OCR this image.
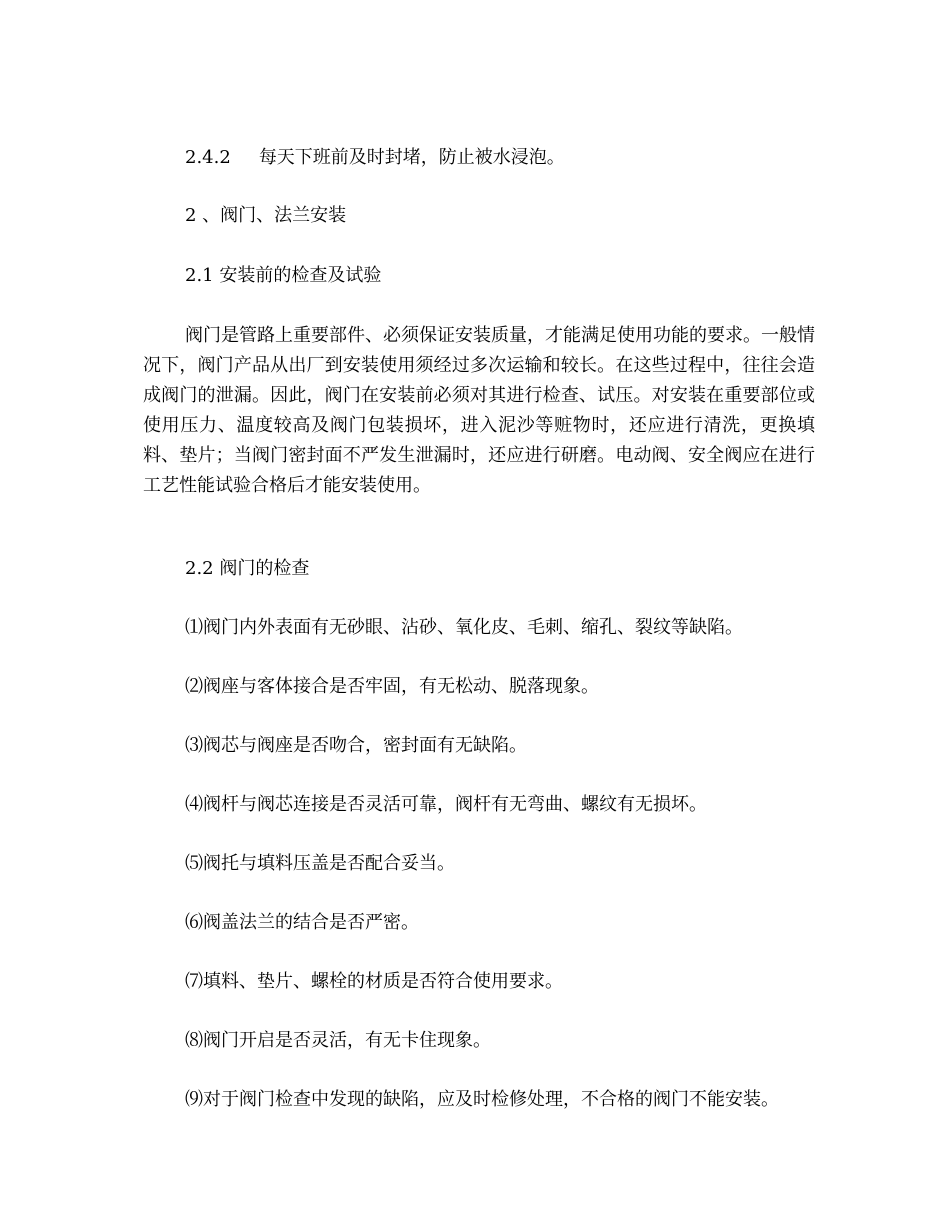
2.4.2 每天下班前及时封堵，防止被水浸泡。
2 、阀门、法兰安装
2.1 安装前的检查及试验

阀门是管路上重要部件、必须保证安装质量，才能满足使用功能的要求。一般情况下，阀门产品从出厂到安装使用须经过多次运输和较长。在这些过程中，往往会造成阀门的泄漏。因此，阀门在安装前必须对其进行检查、试压。对安装在重要部位或使用压力、温度较高及阀门包装损坏，进入泥沙等赃物时，还应进行清洗，更换填料、垫片；当阀门密封面不严发生泄漏时，还应进行研磨。电动阀、安全阀应在进行工艺性能试验合格后才能安装使用。

2.2 阀门的检查
⑴阀门内外表面有无砂眼、沾砂、氧化皮、毛刺、缩孔、裂纹等缺陷。
⑵阀座与客体接合是否牢固，有无松动、脱落现象。
⑶阀芯与阀座是否吻合，密封面有无缺陷。
⑷阀杆与阀芯连接是否灵活可靠，阀杆有无弯曲、螺纹有无损坏。
⑸阀托与填料压盖是否配合妥当。
⑹阀盖法兰的结合是否严密。
⑺填料、垫片、螺栓的材质是否符合使用要求。
⑻阀门开启是否灵活，有无卡住现象。
⑼对于阀门检查中发现的缺陷，应及时检修处理，不合格的阀门不能安装。
